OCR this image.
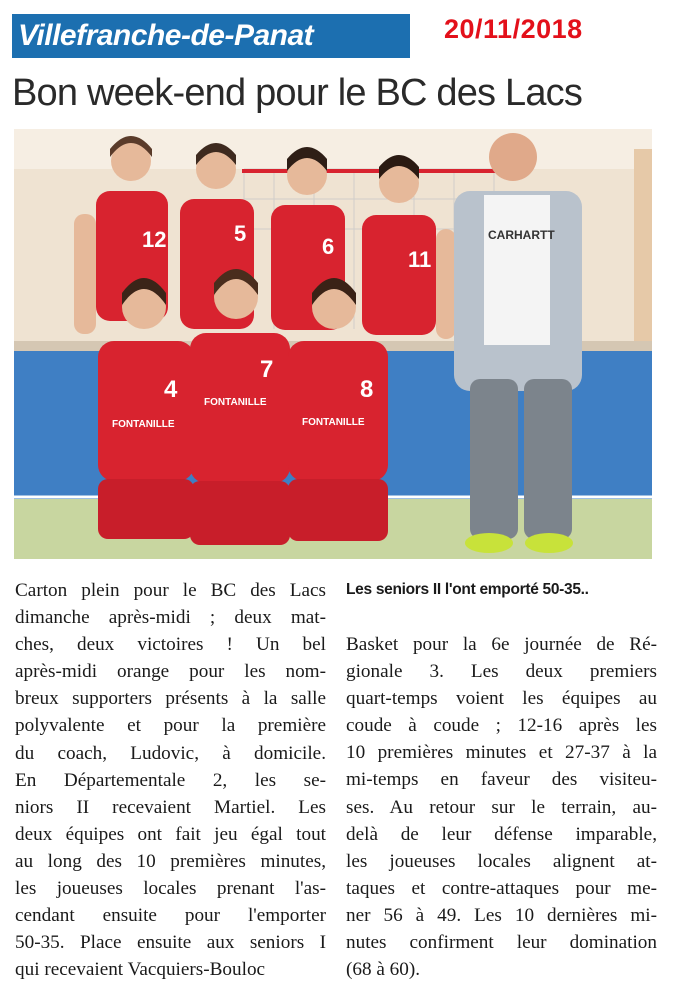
Villefranche-de-Panat	20/11/2018
Bon week-end pour le BC des Lacs
12	5
6
11
CARHARTT
4
FONTANILLE
7
FONTANILLE	8
FONTANILLE

Carton plein pour le BC des Lacs

dimanche après-midi ; deux mat-

ches, deux victoires ! Un bel

après-midi orange pour les nom-

breux supporters présents à la salle

polyvalente et pour la première

du coach, Ludovic, à domicile.

En Départementale 2, les se-

niors II recevaient Martiel. Les

deux équipes ont fait jeu égal tout

au long des 10 premières minutes,

les joueuses locales prenant l'as-

cendant ensuite pour l'emporter

50-35. Place ensuite aux seniors I

qui recevaient Vacquiers-Bouloc

Les seniors II l'ont emporté 50-35..

Basket pour la 6e journée de Ré-

gionale 3. Les deux premiers

quart-temps voient les équipes au

coude à coude ; 12-16 après les

10 premières minutes et 27-37 à la

mi-temps en faveur des visiteu-

ses. Au retour sur le terrain, au-

delà de leur défense imparable,

les joueuses locales alignent at-

taques et contre-attaques pour me-

ner 56 à 49. Les 10 dernières mi-

nutes confirment leur domination

(68 à 60).
